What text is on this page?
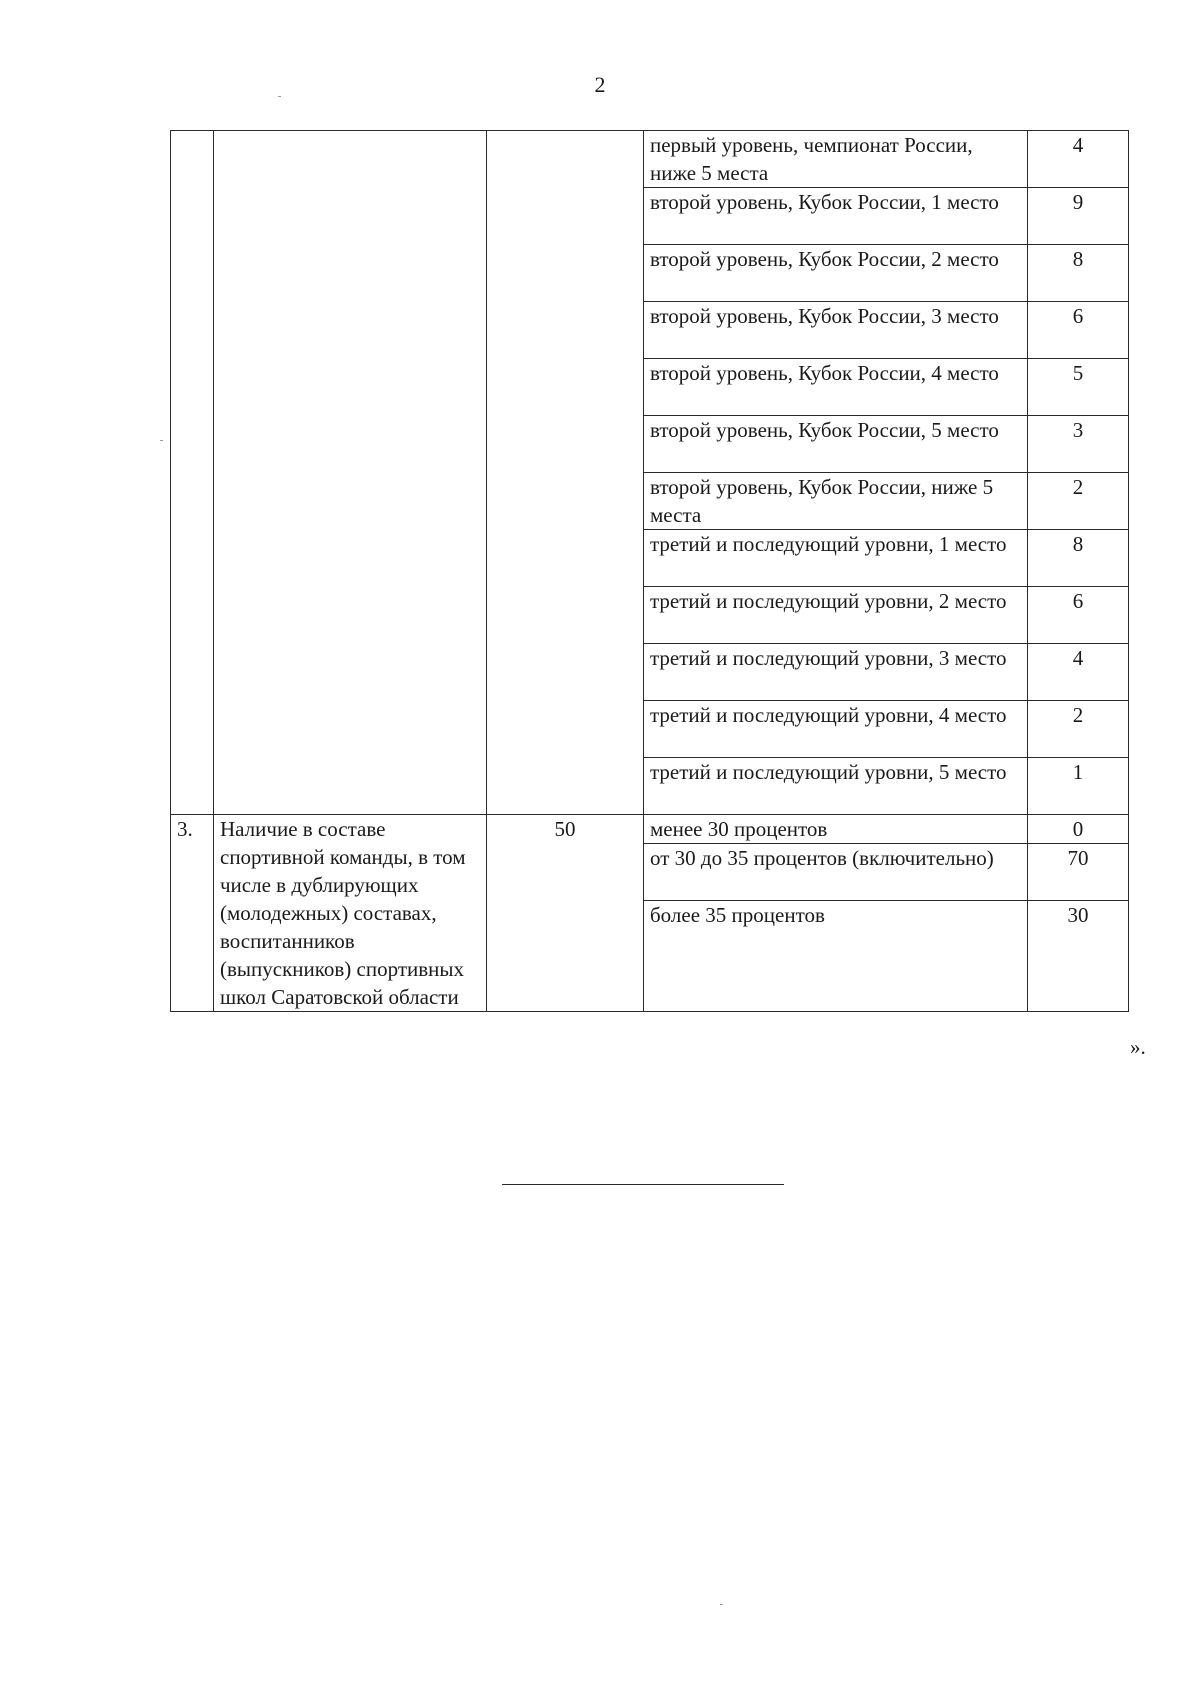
2
			первый уровень, чемпионат России, ниже 5 места	4
			второй уровень, Кубок России, 1 место	9
			второй уровень, Кубок России, 2 место	8
			второй уровень, Кубок России, 3 место	6
			второй уровень, Кубок России, 4 место	5
			второй уровень, Кубок России, 5 место	3
			второй уровень, Кубок России, ниже 5 места	2
			третий и последующий уровни, 1 место	8
			третий и последующий уровни, 2 место	6
			третий и последующий уровни, 3 место	4
			третий и последующий уровни, 4 место	2
			третий и последующий уровни, 5 место	1
3.	Наличие в составе спортивной команды, в том числе в дублирующих (молодежных) составах, воспитанников (выпускников) спортивных школ Саратовской области	50	менее 30 процентов	0
			от 30 до 35 процентов (включительно)	70
			более 35 процентов	30
».
